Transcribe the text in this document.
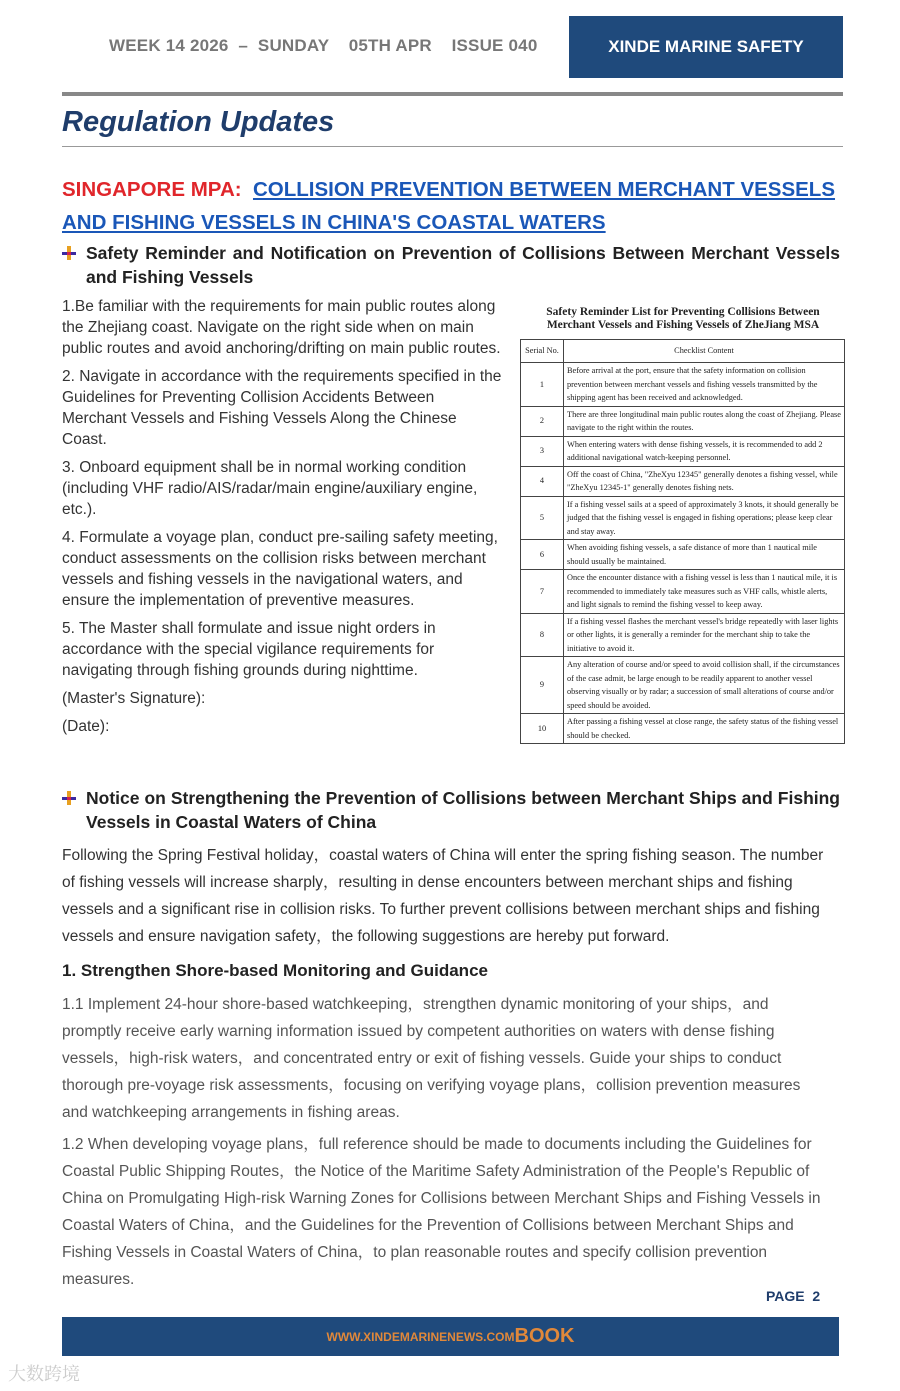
WEEK 14 2026  –  SUNDAY    05TH APR    ISSUE 040	XINDE MARINE SAFETY
Regulation Updates
SINGAPORE MPA: COLLISION PREVENTION BETWEEN MERCHANT VESSELS AND FISHING VESSELS IN CHINA'S COASTAL WATERS
Safety Reminder and Notification on Prevention of Collisions Between Merchant Vessels and Fishing Vessels

1.Be familiar with the requirements for main public routes along the Zhejiang coast. Navigate on the right side when on main public routes and avoid anchoring/drifting on main public routes.

2. Navigate in accordance with the requirements specified in the Guidelines for Preventing Collision Accidents Between Merchant Vessels and Fishing Vessels Along the Chinese Coast.

3. Onboard equipment shall be in normal working condition (including VHF radio/AIS/radar/main engine/auxiliary engine, etc.).

4. Formulate a voyage plan, conduct pre-sailing safety meeting, conduct assessments on the collision risks between merchant vessels and fishing vessels in the navigational waters, and ensure the implementation of preventive measures.

5. The Master shall formulate and issue night orders in accordance with the special vigilance requirements for navigating through fishing grounds during nighttime.

(Master's Signature):

(Date):

Safety Reminder List for Preventing Collisions Between Merchant Vessels and Fishing Vessels of ZheJiang MSA
Serial No.	Checklist Content
1	Before arrival at the port, ensure that the safety information on collision prevention between merchant vessels and fishing vessels transmitted by the shipping agent has been received and acknowledged.
2	There are three longitudinal main public routes along the coast of Zhejiang. Please navigate to the right within the routes.
3	When entering waters with dense fishing vessels, it is recommended to add 2 additional navigational watch-keeping personnel.
4	Off the coast of China, "ZheXyu 12345" generally denotes a fishing vessel, while "ZheXyu 12345-1" generally denotes fishing nets.
5	If a fishing vessel sails at a speed of approximately 3 knots, it should generally be judged that the fishing vessel is engaged in fishing operations; please keep clear and stay away.
6	When avoiding fishing vessels, a safe distance of more than 1 nautical mile should usually be maintained.
7	Once the encounter distance with a fishing vessel is less than 1 nautical mile, it is recommended to immediately take measures such as VHF calls, whistle alerts, and light signals to remind the fishing vessel to keep away.
8	If a fishing vessel flashes the merchant vessel's bridge repeatedly with laser lights or other lights, it is generally a reminder for the merchant ship to take the initiative to avoid it.
9	Any alteration of course and/or speed to avoid collision shall, if the circumstances of the case admit, be large enough to be readily apparent to another vessel observing visually or by radar; a succession of small alterations of course and/or speed should be avoided.
10	After passing a fishing vessel at close range, the safety status of the fishing vessel should be checked.
Notice on Strengthening the Prevention of Collisions between Merchant Ships and Fishing Vessels in Coastal Waters of China
Following the Spring Festival holiday，coastal waters of China will enter the spring fishing season. The number of fishing vessels will increase sharply，resulting in dense encounters between merchant ships and fishing vessels and a significant rise in collision risks. To further prevent collisions between merchant ships and fishing vessels and ensure navigation safety，the following suggestions are hereby put forward.
1. Strengthen Shore-based Monitoring and Guidance
1.1 Implement 24-hour shore-based watchkeeping，strengthen dynamic monitoring of your ships，and promptly receive early warning information issued by competent authorities on waters with dense fishing vessels，high-risk waters，and concentrated entry or exit of fishing vessels. Guide your ships to conduct thorough pre-voyage risk assessments，focusing on verifying voyage plans，collision prevention measures and watchkeeping arrangements in fishing areas.
1.2 When developing voyage plans，full reference should be made to documents including the Guidelines for Coastal Public Shipping Routes，the Notice of the Maritime Safety Administration of the People's Republic of China on Promulgating High-risk Warning Zones for Collisions between Merchant Ships and Fishing Vessels in Coastal Waters of China，and the Guidelines for the Prevention of Collisions between Merchant Ships and Fishing Vessels in Coastal Waters of China，to plan reasonable routes and specify collision prevention measures.
PAGE  2
WWW.XINDEMARINENEWS.COM BOOK
大数跨境
